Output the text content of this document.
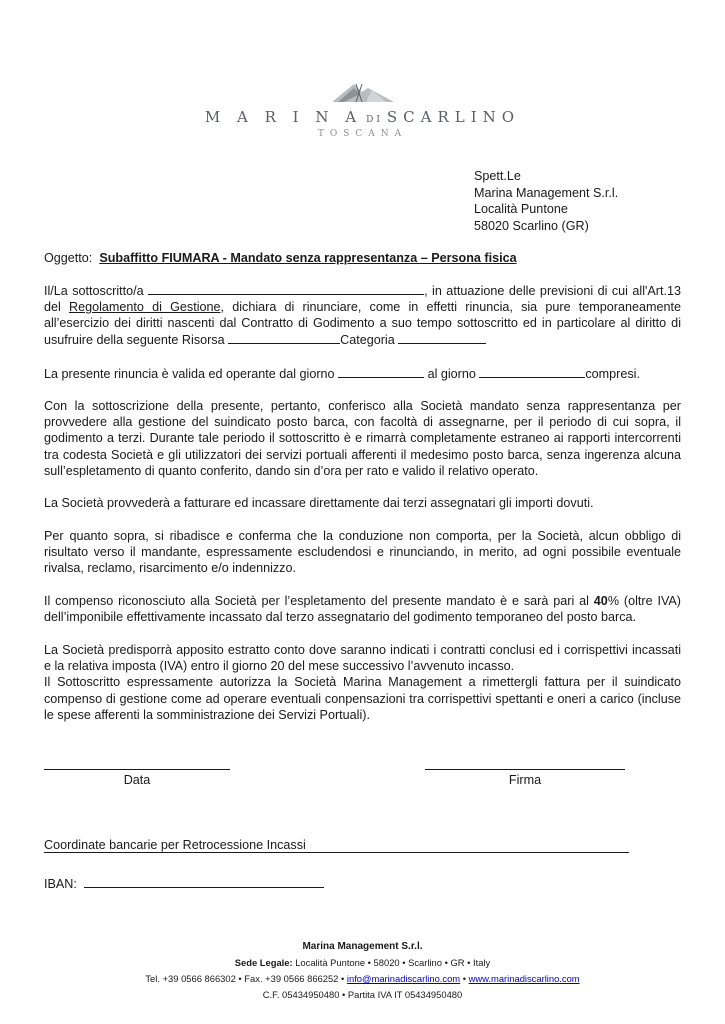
M A R I N A DI SCARLINO
TOSCANA
Spett.Le
Marina Management S.r.l.
Località Puntone
58020 Scarlino (GR)
Oggetto: Subaffitto FIUMARA - Mandato senza rappresentanza – Persona fisica
Il/La sottoscritto/a	, in attuazione delle previsioni di cui all'Art.13 del Regolamento di Gestione, dichiara di rinunciare, come in effetti rinuncia, sia pure temporaneamente all’esercizio dei diritti nascenti dal Contratto di Godimento a suo tempo sottoscritto ed in particolare al diritto di usufruire della seguente Risorsa	Categoria
La presente rinuncia è valida ed operante dal giorno	al giorno	compresi.
Con la sottoscrizione della presente, pertanto, conferisco alla Società mandato senza rappresentanza per provvedere alla gestione del suindicato posto barca, con facoltà di assegnarne, per il periodo di cui sopra, il godimento a terzi. Durante tale periodo il sottoscritto è e rimarrà completamente estraneo ai rapporti intercorrenti tra codesta Società e gli utilizzatori dei servizi portuali afferenti il medesimo posto barca, senza ingerenza alcuna sull’espletamento di quanto conferito, dando sin d’ora per rato e valido il relativo operato.
La Società provvederà a fatturare ed incassare direttamente dai terzi assegnatari gli importi dovuti.
Per quanto sopra, si ribadisce e conferma che la conduzione non comporta, per la Società, alcun obbligo di risultato verso il mandante, espressamente escludendosi e rinunciando, in merito, ad ogni possibile eventuale rivalsa, reclamo, risarcimento e/o indennizzo.
Il compenso riconosciuto alla Società per l’espletamento del presente mandato è e sarà pari al 40% (oltre IVA) dell’imponibile effettivamente incassato dal terzo assegnatario del godimento temporaneo del posto barca.
La Società predisporrà apposito estratto conto dove saranno indicati i contratti conclusi ed i corrispettivi incassati e la relativa imposta (IVA) entro il giorno 20 del mese successivo l’avvenuto incasso.
Il Sottoscritto espressamente autorizza la Società Marina Management a rimettergli fattura per il suindicato compenso di gestione come ad operare eventuali conpensazioni tra corrispettivi spettanti e oneri a carico (incluse le spese afferenti la somministrazione dei Servizi Portuali).
Data	Firma
Coordinate bancarie per Retrocessione Incassi
IBAN:
Marina Management S.r.l.
Sede Legale: Località Puntone • 58020 • Scarlino • GR • Italy
Tel. +39 0566 866302 • Fax. +39 0566 866252 • info@marinadiscarlino.com • www.marinadiscarlino.com
C.F. 05434950480 • Partita IVA IT 05434950480
